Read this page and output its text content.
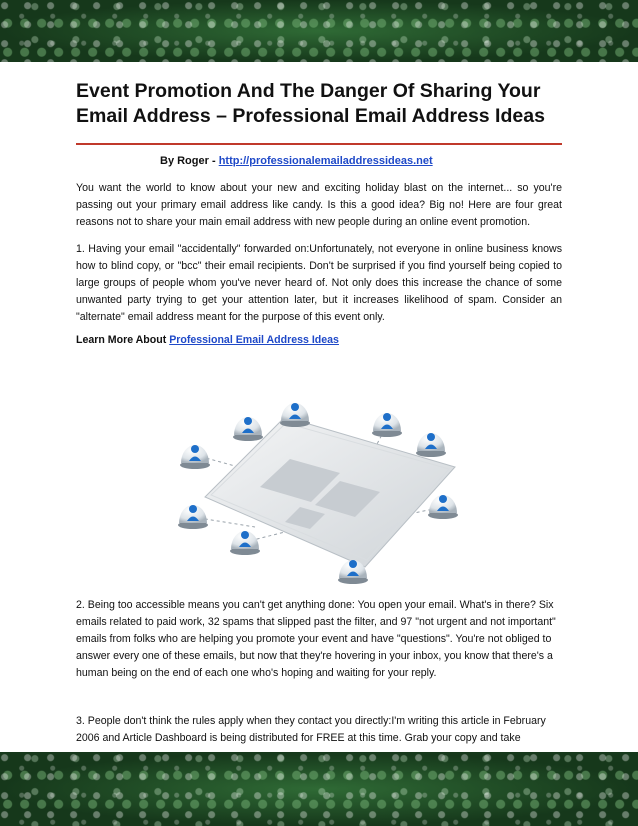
Event Promotion And The Danger Of Sharing Your Email Address – Professional Email Address Ideas
By Roger - http://professionalemailaddressideas.net

You want the world to know about your new and exciting holiday blast on the internet... so you're passing out your primary email address like candy. Is this a good idea? Big no! Here are four great reasons not to share your main email address with new people during an online event promotion.

1. Having your email "accidentally" forwarded on:Unfortunately, not everyone in online business knows how to blind copy, or "bcc" their email recipients. Don't be surprised if you find yourself being copied to large groups of people whom you've never heard of. Not only does this increase the chance of some unwanted party trying to get your attention later, but it increases likelihood of spam. Consider an "alternate" email address meant for the purpose of this event only.

Learn More About Professional Email Address Ideas

2. Being too accessible means you can't get anything done: You open your email. What's in there? Six emails related to paid work, 32 spams that slipped past the filter, and 97 "not urgent and not important" emails from folks who are helping you promote your event and have "questions". You're not obliged to answer every one of these emails, but now that they're hovering in your inbox, you know that there's a human being on the end of each one who's hoping and waiting for your reply.

3. People don't think the rules apply when they contact you directly:I'm writing this article in February 2006 and Article Dashboard is being distributed for FREE at this time. Grab your copy and take
